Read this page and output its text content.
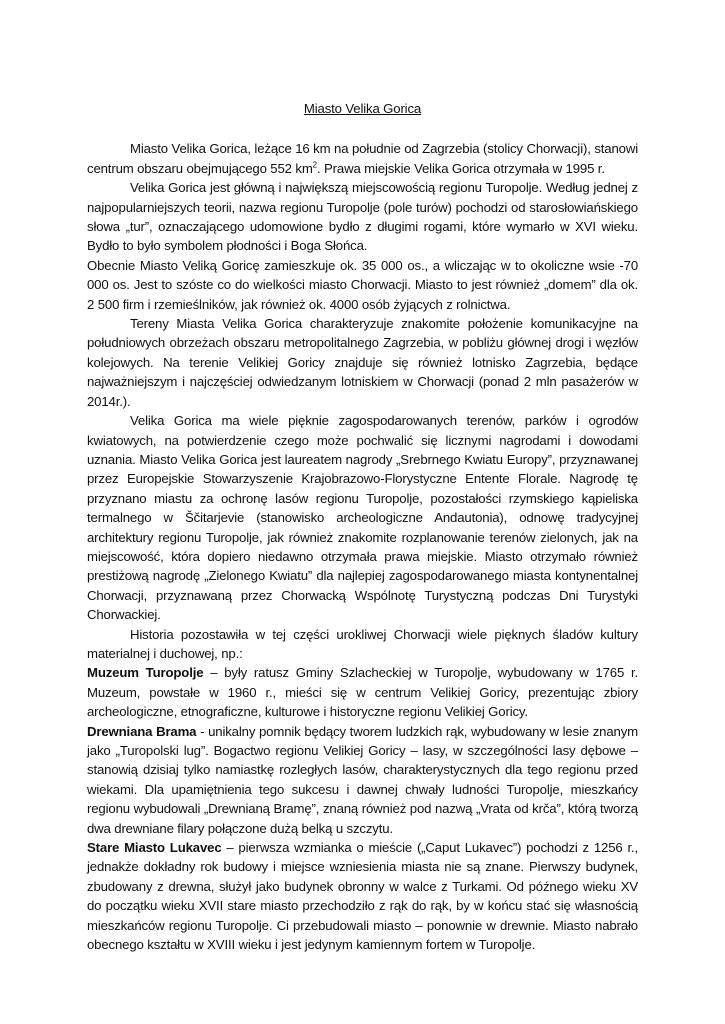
Miasto Velika Gorica

Miasto Velika Gorica, leżące 16 km na południe od Zagrzebia (stolicy Chorwacji), stanowi centrum obszaru obejmującego 552 $km^2$. Prawa miejskie Velika Gorica otrzymała w 1995 r.

Velika Gorica jest główną i największą miejscowością regionu Turopolje. Według jednej z najpopularniejszych teorii, nazwa regionu Turopolje (pole turów) pochodzi od starosłowiańskiego słowa „tur”, oznaczającego udomowione bydło z długimi rogami, które wymarło w XVI wieku. Bydło to było symbolem płodności i Boga Słońca.

Obecnie Miasto Veliką Goricę zamieszkuje ok. 35 000 os., a wliczając w to okoliczne wsie -70 000 os. Jest to szóste co do wielkości miasto Chorwacji. Miasto to jest również „domem” dla ok. 2 500 firm i rzemieślników, jak również ok. 4000 osób żyjących z rolnictwa.

Tereny Miasta Velika Gorica charakteryzuje znakomite położenie komunikacyjne na południowych obrzeżach obszaru metropolitalnego Zagrzebia, w pobliżu głównej drogi i węzłów kolejowych. Na terenie Velikiej Goricy znajduje się również lotnisko Zagrzebia, będące najważniejszym i najczęściej odwiedzanym lotniskiem w Chorwacji (ponad 2 mln pasażerów w 2014r.).

Velika Gorica ma wiele pięknie zagospodarowanych terenów, parków i ogrodów kwiatowych, na potwierdzenie czego może pochwalić się licznymi nagrodami i dowodami uznania. Miasto Velika Gorica jest laureatem nagrody „Srebrnego Kwiatu Europy”, przyznawanej przez Europejskie Stowarzyszenie Krajobrazowo-Florystyczne Entente Florale. Nagrodę tę przyznano miastu za ochronę lasów regionu Turopolje, pozostałości rzymskiego kąpieliska termalnego w Ščitarjevie (stanowisko archeologiczne Andautonia), odnowę tradycyjnej architektury regionu Turopolje, jak również znakomite rozplanowanie terenów zielonych, jak na miejscowość, która dopiero niedawno otrzymała prawa miejskie. Miasto otrzymało również prestiżową nagrodę „Zielonego Kwiatu” dla najlepiej zagospodarowanego miasta kontynentalnej Chorwacji, przyznawaną przez Chorwacką Wspólnotę Turystyczną podczas Dni Turystyki Chorwackiej.

Historia pozostawiła w tej części urokliwej Chorwacji wiele pięknych śladów kultury materialnej i duchowej, np.:

Muzeum Turopolje – były ratusz Gminy Szlacheckiej w Turopolje, wybudowany w 1765 r. Muzeum, powstałe w 1960 r., mieści się w centrum Velikiej Goricy, prezentując zbiory archeologiczne, etnograficzne, kulturowe i historyczne regionu Velikiej Goricy.

Drewniana Brama - unikalny pomnik będący tworem ludzkich rąk, wybudowany w lesie znanym jako „Turopolski lug”. Bogactwo regionu Velikiej Goricy – lasy, w szczególności lasy dębowe – stanowią dzisiaj tylko namiastkę rozległych lasów, charakterystycznych dla tego regionu przed wiekami. Dla upamiętnienia tego sukcesu i dawnej chwały ludności Turopolje, mieszkańcy regionu wybudowali „Drewnianą Bramę”, znaną również pod nazwą „Vrata od krča”, którą tworzą dwa drewniane filary połączone dużą belką u szczytu.

Stare Miasto Lukavec – pierwsza wzmianka o mieście („Caput Lukavec”) pochodzi z 1256 r., jednakże dokładny rok budowy i miejsce wzniesienia miasta nie są znane. Pierwszy budynek, zbudowany z drewna, służył jako budynek obronny w walce z Turkami. Od późnego wieku XV do początku wieku XVII stare miasto przechodziło z rąk do rąk, by w końcu stać się własnością mieszkańców regionu Turopolje. Ci przebudowali miasto – ponownie w drewnie. Miasto nabrało obecnego kształtu w XVIII wieku i jest jedynym kamiennym fortem w Turopolje.
